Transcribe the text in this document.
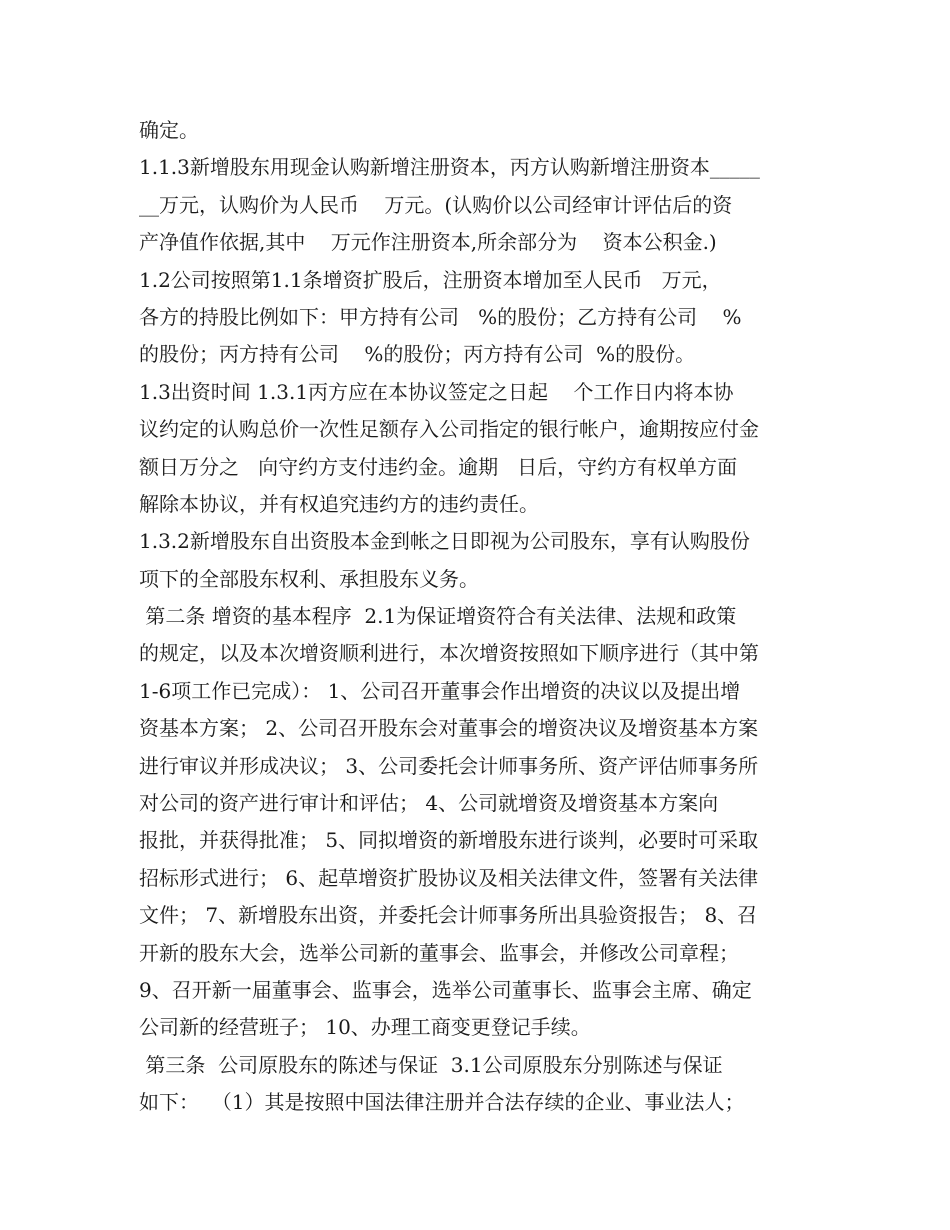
确定。
1.1.3新增股东用现金认购新增注册资本，丙方认购新增注册资本_____
__万元，认购价为人民币    万元。(认购价以公司经审计评估后的资
产净值作依据,其中    万元作注册资本,所余部分为    资本公积金.)
1.2公司按照第1.1条增资扩股后，注册资本增加至人民币   万元，
各方的持股比例如下：甲方持有公司   %的股份；乙方持有公司    %
的股份；丙方持有公司    %的股份；丙方持有公司  %的股份。
1.3出资时间 1.3.1丙方应在本协议签定之日起    个工作日内将本协
议约定的认购总价一次性足额存入公司指定的银行帐户，逾期按应付金
额日万分之   向守约方支付违约金。逾期   日后，守约方有权单方面
解除本协议，并有权追究违约方的违约责任。
1.3.2新增股东自出资股本金到帐之日即视为公司股东，享有认购股份
项下的全部股东权利、承担股东义务。
第二条 增资的基本程序  2.1为保证增资符合有关法律、法规和政策
的规定，以及本次增资顺利进行，本次增资按照如下顺序进行（其中第
1-6项工作已完成）： 1、公司召开董事会作出增资的决议以及提出增
资基本方案； 2、公司召开股东会对董事会的增资决议及增资基本方案
进行审议并形成决议； 3、公司委托会计师事务所、资产评估师事务所
对公司的资产进行审计和评估； 4、公司就增资及增资基本方案向
报批，并获得批准； 5、同拟增资的新增股东进行谈判，必要时可采取
招标形式进行； 6、起草增资扩股协议及相关法律文件，签署有关法律
文件； 7、新增股东出资，并委托会计师事务所出具验资报告； 8、召
开新的股东大会，选举公司新的董事会、监事会，并修改公司章程；
9、召开新一届董事会、监事会，选举公司董事长、监事会主席、确定
公司新的经营班子； 10、办理工商变更登记手续。
第三条  公司原股东的陈述与保证  3.1公司原股东分别陈述与保证
如下：  （1）其是按照中国法律注册并合法存续的企业、事业法人；
